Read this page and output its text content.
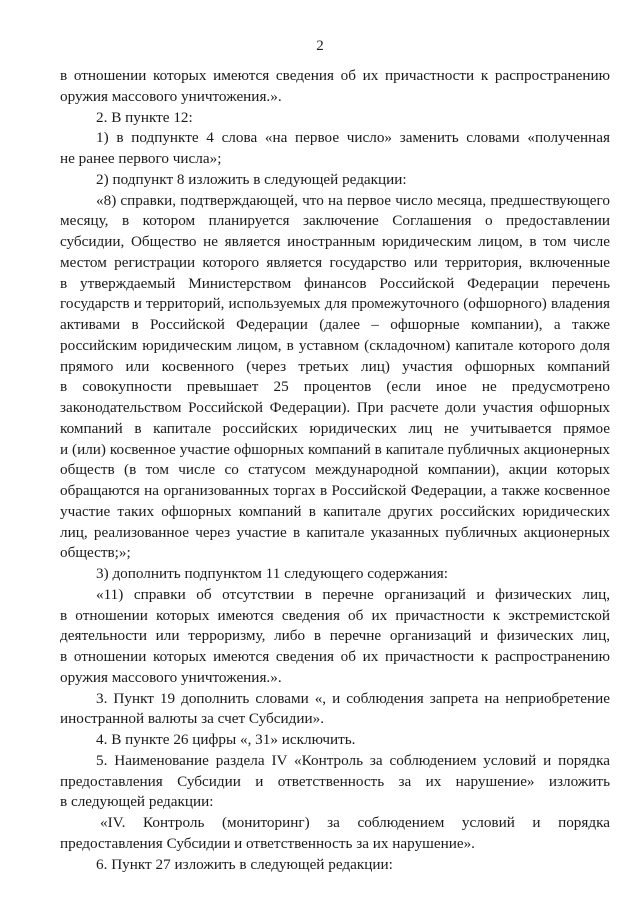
2
в отношении которых имеются сведения об их причастности к распространению
оружия массового уничтожения.».
2. В пункте 12:
1) в подпункте 4 слова «на первое число» заменить словами «полученная
не ранее первого числа»;
2) подпункт 8 изложить в следующей редакции:
«8) справки, подтверждающей, что на первое число месяца, предшествующего
месяцу, в котором планируется заключение Соглашения о предоставлении
субсидии, Общество не является иностранным юридическим лицом, в том числе
местом регистрации которого является государство или территория, включенные
в утверждаемый Министерством финансов Российской Федерации перечень
государств и территорий, используемых для промежуточного (офшорного) владения
активами в Российской Федерации (далее – офшорные компании), а также
российским юридическим лицом, в уставном (складочном) капитале которого доля
прямого или косвенного (через третьих лиц) участия офшорных компаний
в совокупности превышает 25 процентов (если иное не предусмотрено
законодательством Российской Федерации). При расчете доли участия офшорных
компаний в капитале российских юридических лиц не учитывается прямое
и (или) косвенное участие офшорных компаний в капитале публичных акционерных
обществ (в том числе со статусом международной компании), акции которых
обращаются на организованных торгах в Российской Федерации, а также косвенное
участие таких офшорных компаний в капитале других российских юридических
лиц, реализованное через участие в капитале указанных публичных акционерных
обществ;»;
3) дополнить подпунктом 11 следующего содержания:
«11) справки об отсутствии в перечне организаций и физических лиц,
в отношении которых имеются сведения об их причастности к экстремистской
деятельности или терроризму, либо в перечне организаций и физических лиц,
в отношении которых имеются сведения об их причастности к распространению
оружия массового уничтожения.».
3. Пункт 19 дополнить словами «, и соблюдения запрета на неприобретение
иностранной валюты за счет Субсидии».
4. В пункте 26 цифры «, 31» исключить.
5. Наименование раздела IV «Контроль за соблюдением условий и порядка
предоставления Субсидии и ответственность за их нарушение» изложить
в следующей редакции:
«IV. Контроль (мониторинг) за соблюдением условий и порядка
предоставления Субсидии и ответственность за их нарушение».
6. Пункт 27 изложить в следующей редакции:
